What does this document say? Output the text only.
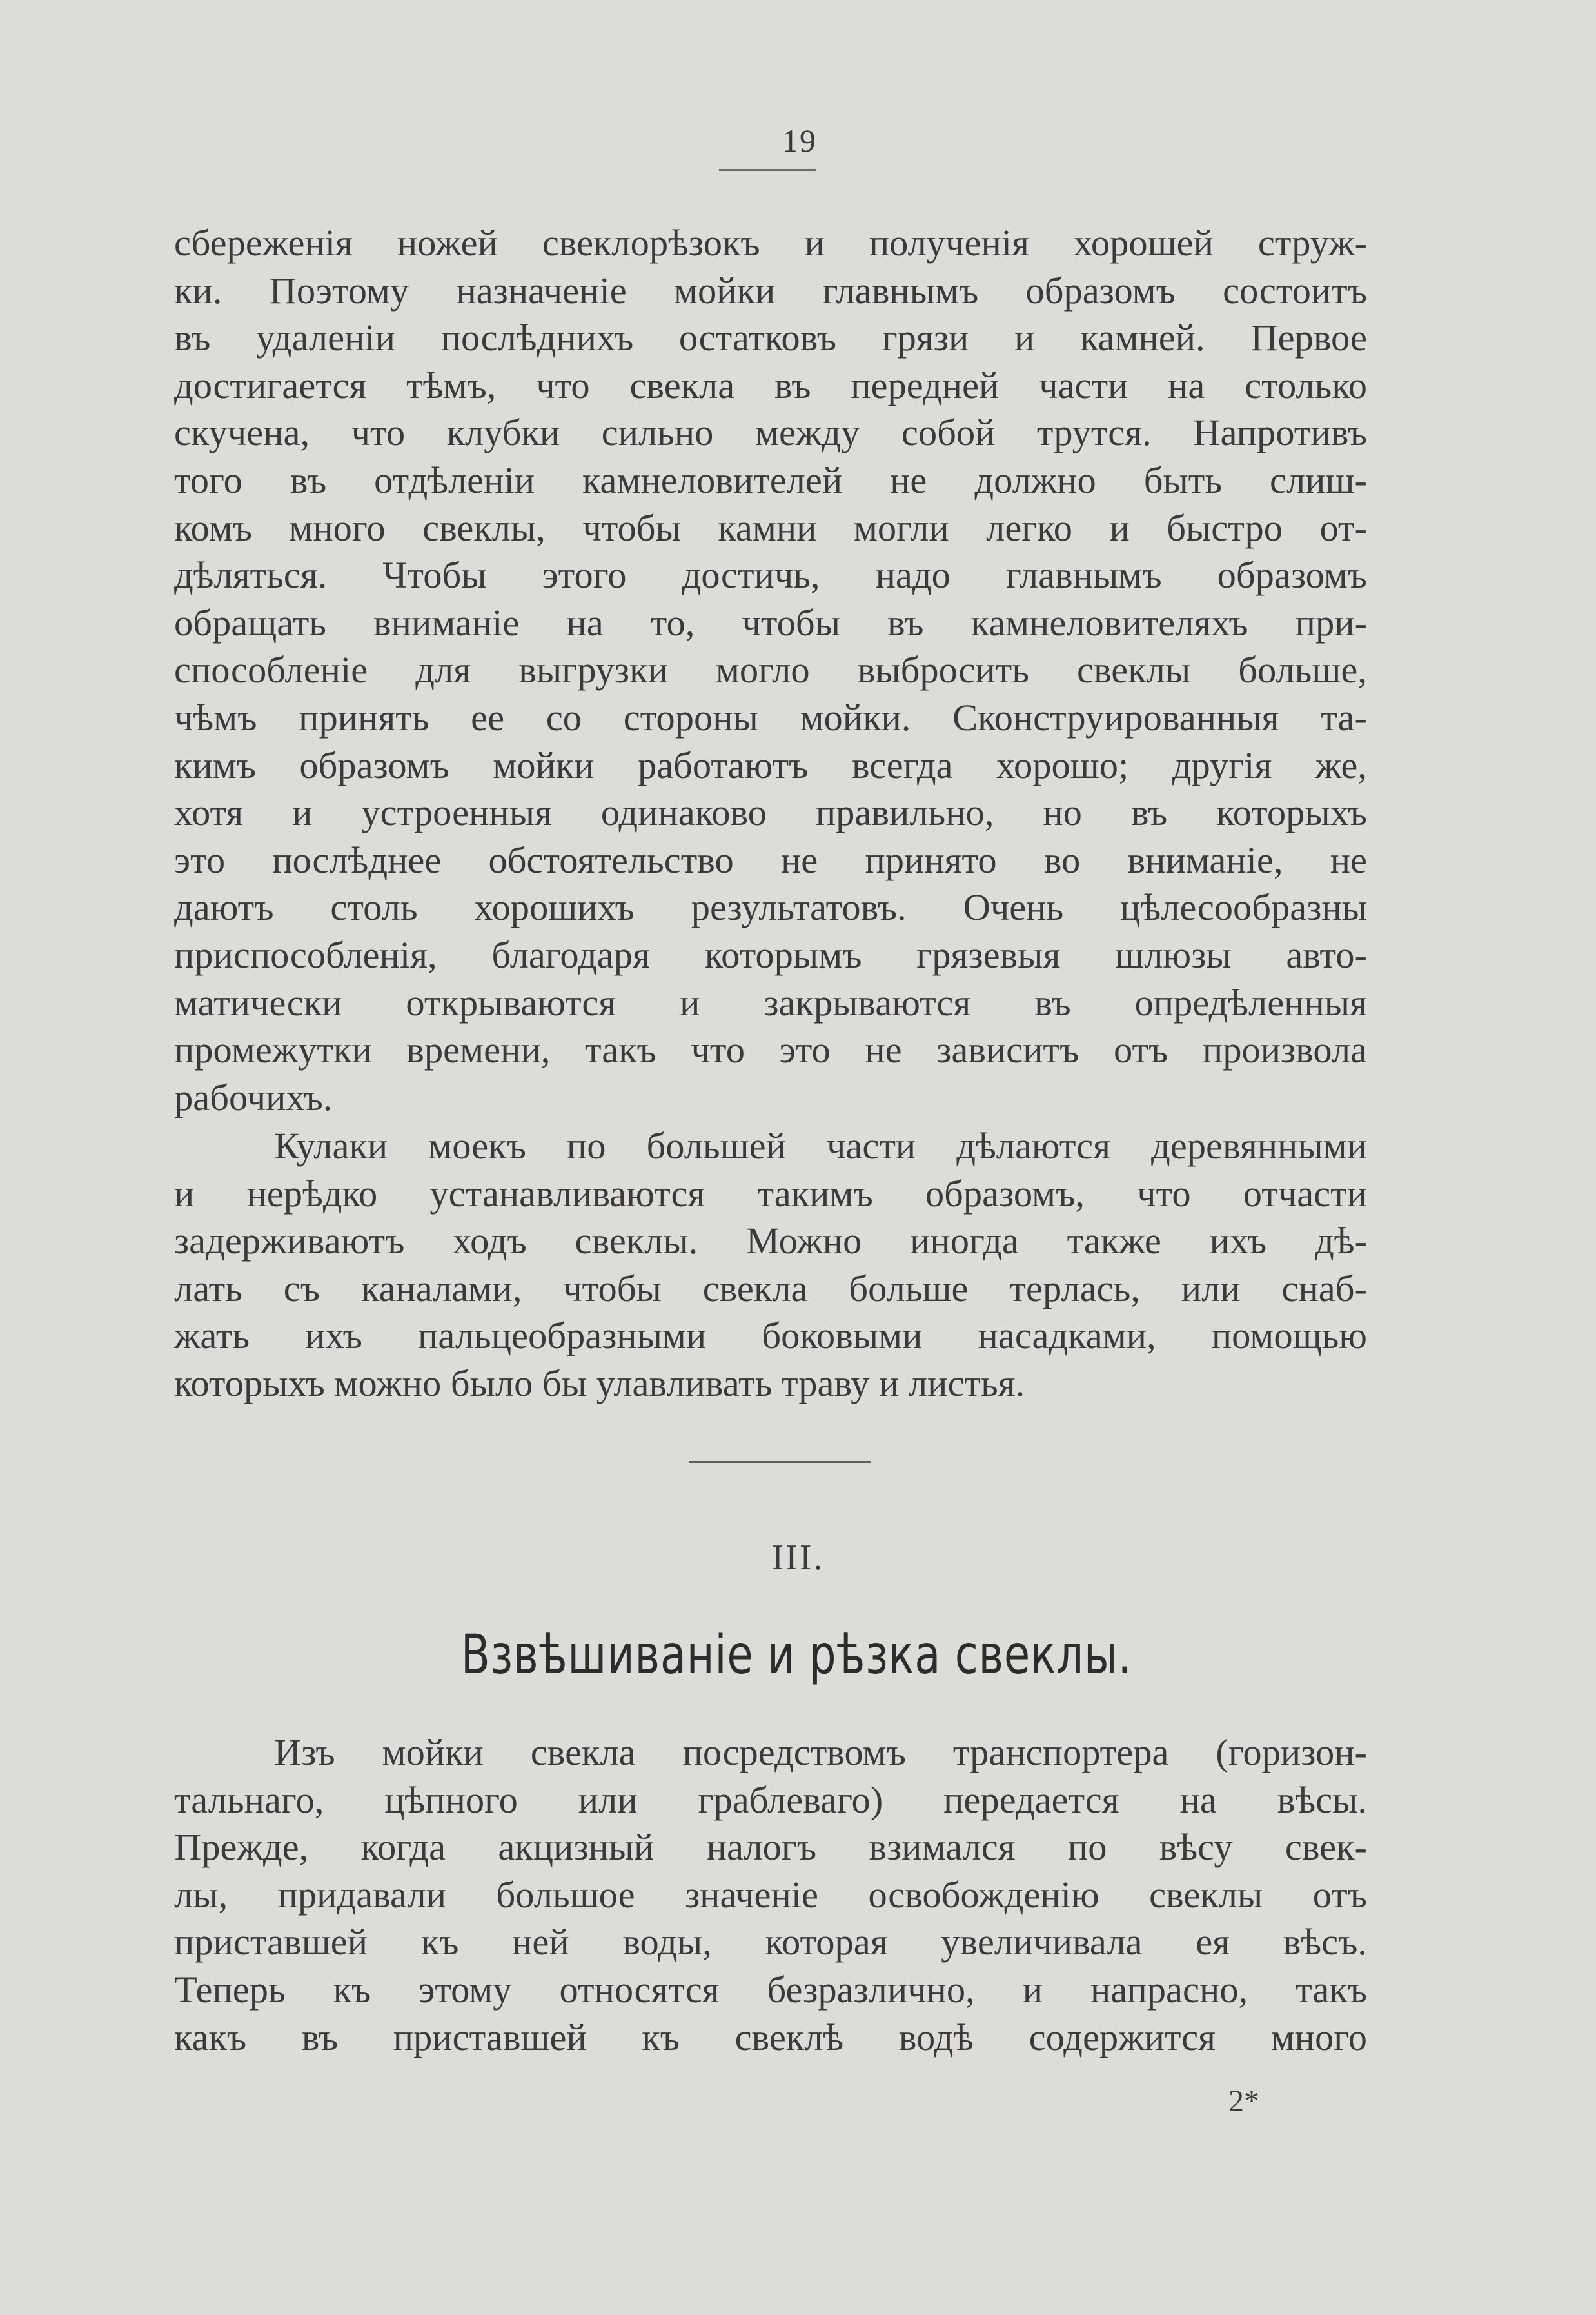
19
сбереженія ножей свеклорѣзокъ и полученія хорошей струж-
ки. Поэтому назначеніе мойки главнымъ образомъ состоитъ
въ удаленіи послѣднихъ остатковъ грязи и камней. Первое
достигается тѣмъ, что свекла въ передней части на столько
скучена, что клубки сильно между собой трутся. Напротивъ
того въ отдѣленіи камнеловителей не должно быть слиш-
комъ много свеклы, чтобы камни могли легко и быстро от-
дѣляться. Чтобы этого достичь, надо главнымъ образомъ
обращать вниманіе на то, чтобы въ камнеловителяхъ при-
способленіе для выгрузки могло выбросить свеклы больше,
чѣмъ принять ее со стороны мойки. Сконструированныя та-
кимъ образомъ мойки работаютъ всегда хорошо; другія же,
хотя и устроенныя одинаково правильно, но въ которыхъ
это послѣднее обстоятельство не принято во вниманіе, не
даютъ столь хорошихъ результатовъ. Очень цѣлесообразны
приспособленія, благодаря которымъ грязевыя шлюзы авто-
матически открываются и закрываются въ опредѣленныя
промежутки времени, такъ что это не зависитъ отъ произвола
рабочихъ.
Кулаки моекъ по большей части дѣлаются деревянными
и нерѣдко устанавливаются такимъ образомъ, что отчасти
задерживаютъ ходъ свеклы. Можно иногда также ихъ дѣ-
лать съ каналами, чтобы свекла больше терлась, или снаб-
жать ихъ пальцеобразными боковыми насадками, помощью
которыхъ можно было бы улавливать траву и листья.
III.
Взвѣшиваніе и рѣзка свеклы.
Изъ мойки свекла посредствомъ транспортера (горизон-
тальнаго, цѣпного или граблеваго) передается на вѣсы.
Прежде, когда акцизный налогъ взимался по вѣсу свек-
лы, придавали большое значеніе освобожденію свеклы отъ
приставшей къ ней воды, которая увеличивала ея вѣсъ.
Теперь къ этому относятся безразлично, и напрасно, такъ
какъ въ приставшей къ свеклѣ водѣ содержится много
2*
